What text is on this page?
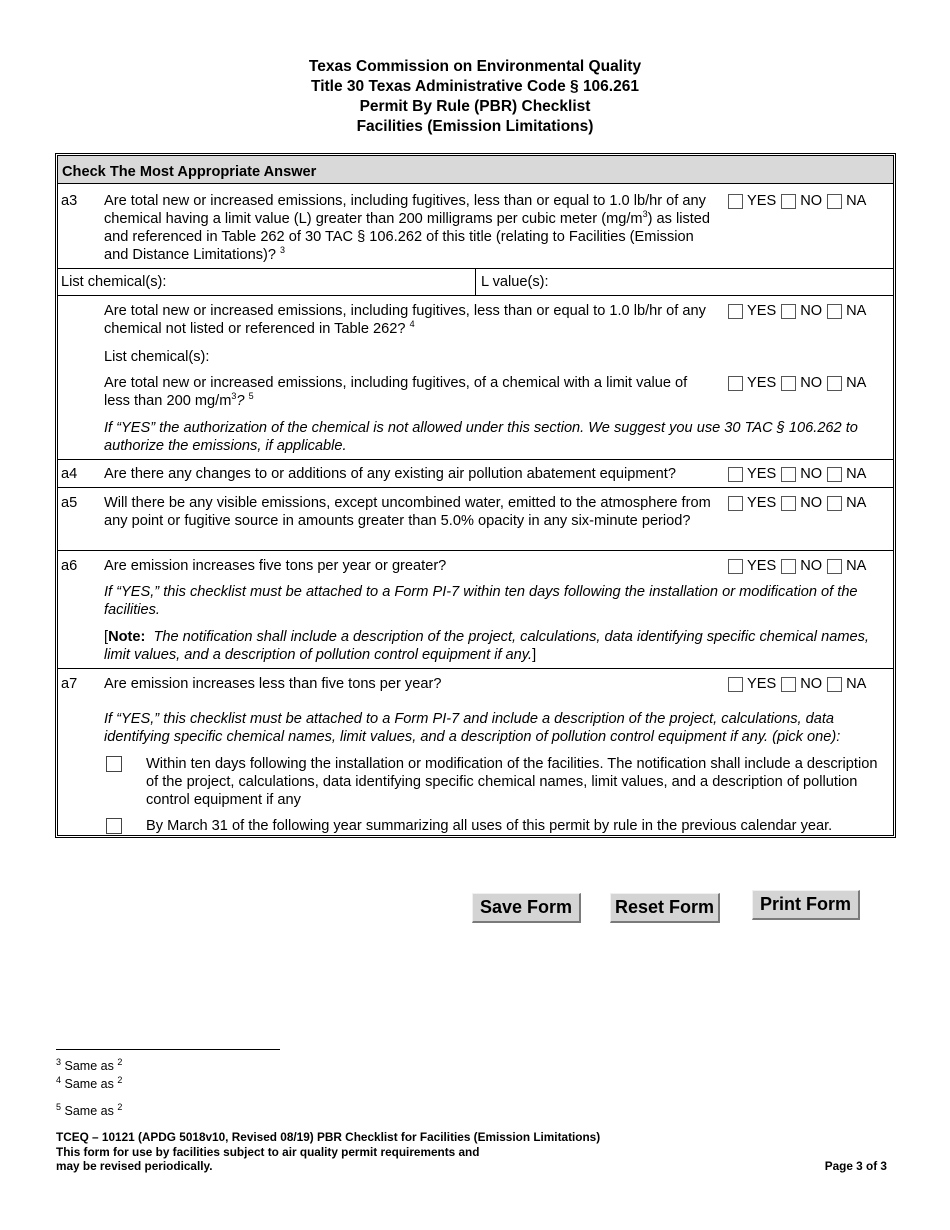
Texas Commission on Environmental Quality
Title 30 Texas Administrative Code § 106.261
Permit By Rule (PBR) Checklist
Facilities (Emission Limitations)
Check The Most Appropriate Answer
a3 Are total new or increased emissions, including fugitives, less than or equal to 1.0 lb/hr of any chemical having a limit value (L) greater than 200 milligrams per cubic meter $(mg/m^3)$ as listed and referenced in Table 262 of 30 TAC § 106.262 of this title (relating to Facilities (Emission and Distance Limitations)? $^3$
YES NO NA
List chemical(s):	L value(s):
Are total new or increased emissions, including fugitives, less than or equal to 1.0 lb/hr of any chemical not listed or referenced in Table 262? $^4$
YES NO NA
List chemical(s):
Are total new or increased emissions, including fugitives, of a chemical with a limit value of less than 200 $mg/m^3$? $^5$
YES NO NA
If “YES” the authorization of the chemical is not allowed under this section. We suggest you use 30 TAC § 106.262 to authorize the emissions, if applicable.
a4 Are there any changes to or additions of any existing air pollution abatement equipment?	YES NO NA
a5 Will there be any visible emissions, except uncombined water, emitted to the atmosphere from any point or fugitive source in amounts greater than 5.0% opacity in any six-minute period?
YES NO NA
a6 Are emission increases five tons per year or greater?	YES NO NA
If “YES,” this checklist must be attached to a Form PI-7 within ten days following the installation or modification of the facilities.
[Note: The notification shall include a description of the project, calculations, data identifying specific chemical names, limit values, and a description of pollution control equipment if any.]
a7 Are emission increases less than five tons per year?	YES NO NA
If “YES,” this checklist must be attached to a Form PI-7 and include a description of the project, calculations, data identifying specific chemical names, limit values, and a description of pollution control equipment if any. (pick one):
Within ten days following the installation or modification of the facilities. The notification shall include a description of the project, calculations, data identifying specific chemical names, limit values, and a description of pollution control equipment if any
By March 31 of the following year summarizing all uses of this permit by rule in the previous calendar year.
Save Form	Reset Form	Print Form
$^3$ Same as $^2$
$^4$ Same as $^2$
$^5$ Same as $^2$
TCEQ – 10121 (APDG 5018v10, Revised 08/19) PBR Checklist for Facilities (Emission Limitations)
This form for use by facilities subject to air quality permit requirements and
may be revised periodically.	Page 3 of 3
